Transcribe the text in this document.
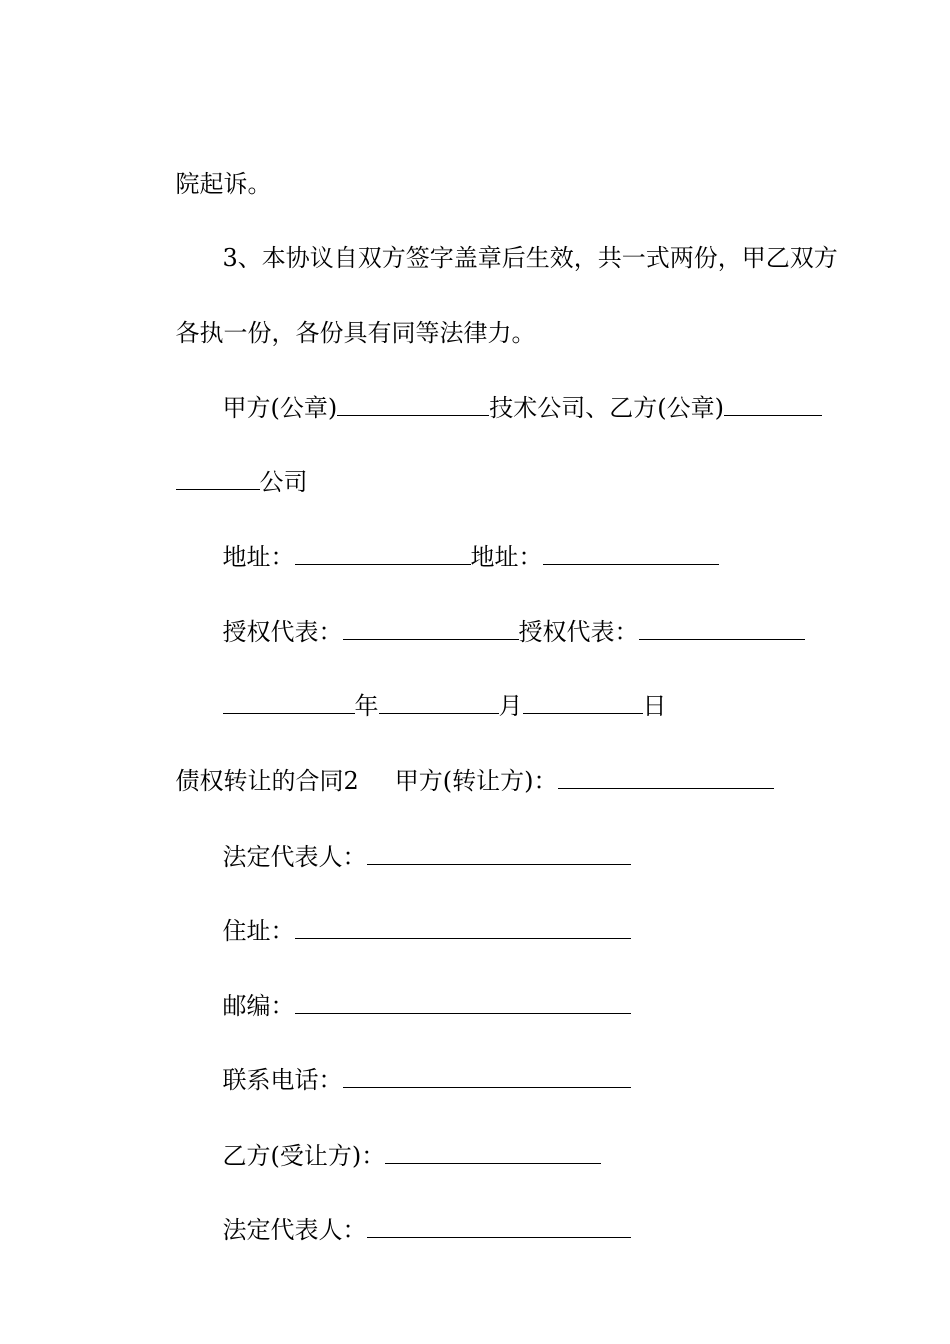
院起诉。

3、本协议自双方签字盖章后生效，共一式两份，甲乙双方

各执一份，各份具有同等法律力。

甲方(公章)	技术公司、乙方(公章)

公司

地址：	地址：

授权代表：	授权代表：

年	月	日

债权转让的合同2 甲方(转让方)：

法定代表人：

住址：

邮编：

联系电话：

乙方(受让方)：

法定代表人：
